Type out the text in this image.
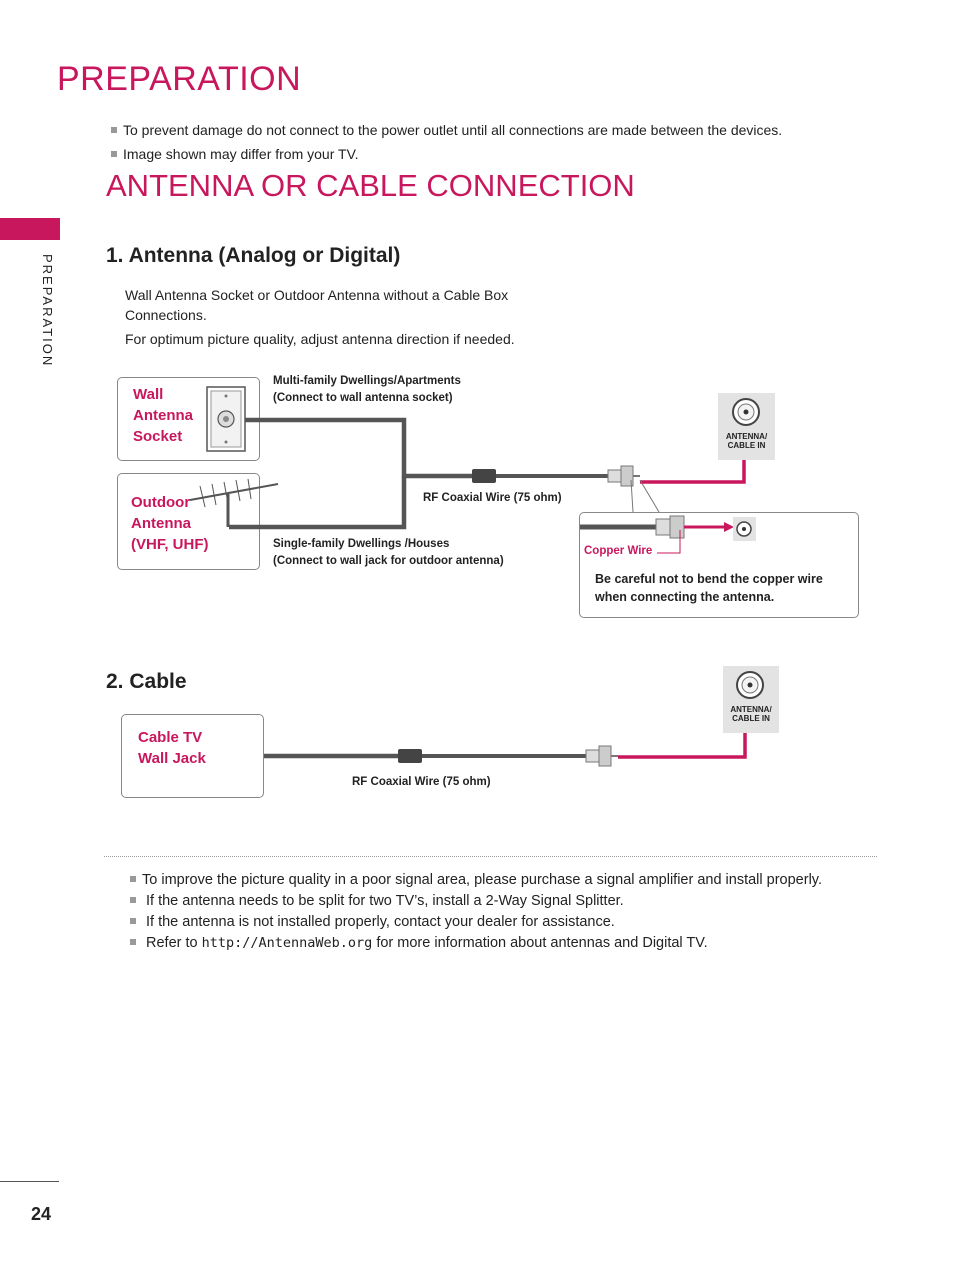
PREPARATION
To prevent damage do not connect to the power outlet until all connections are made between the devices.
Image shown may differ from your TV.
ANTENNA OR CABLE CONNECTION
PREPARATION 1. Antenna (Analog or Digital)
Wall Antenna Socket or Outdoor Antenna without a Cable Box Connections.
For optimum picture quality, adjust antenna direction if needed.
Wall
Antenna
Socket
Outdoor
Antenna
(VHF, UHF)
Multi-family Dwellings/Apartments
(Connect to wall antenna socket)
Single-family Dwellings /Houses
(Connect to wall jack for outdoor antenna)
RF Coaxial Wire (75 ohm)
ANTENNA/
CABLE IN
Copper Wire
Be careful not to bend the copper wire
when connecting the antenna.
2. Cable
Cable TV
Wall Jack
RF Coaxial Wire (75 ohm)
ANTENNA/
CABLE IN
To improve the picture quality in a poor signal area, please purchase a signal amplifier and install properly.
If the antenna needs to be split for two TV’s, install a 2-Way Signal Splitter.
If the antenna is not installed properly, contact your dealer for assistance.
Refer to
http://AntennaWeb.org
for more information about antennas and Digital TV.
24
